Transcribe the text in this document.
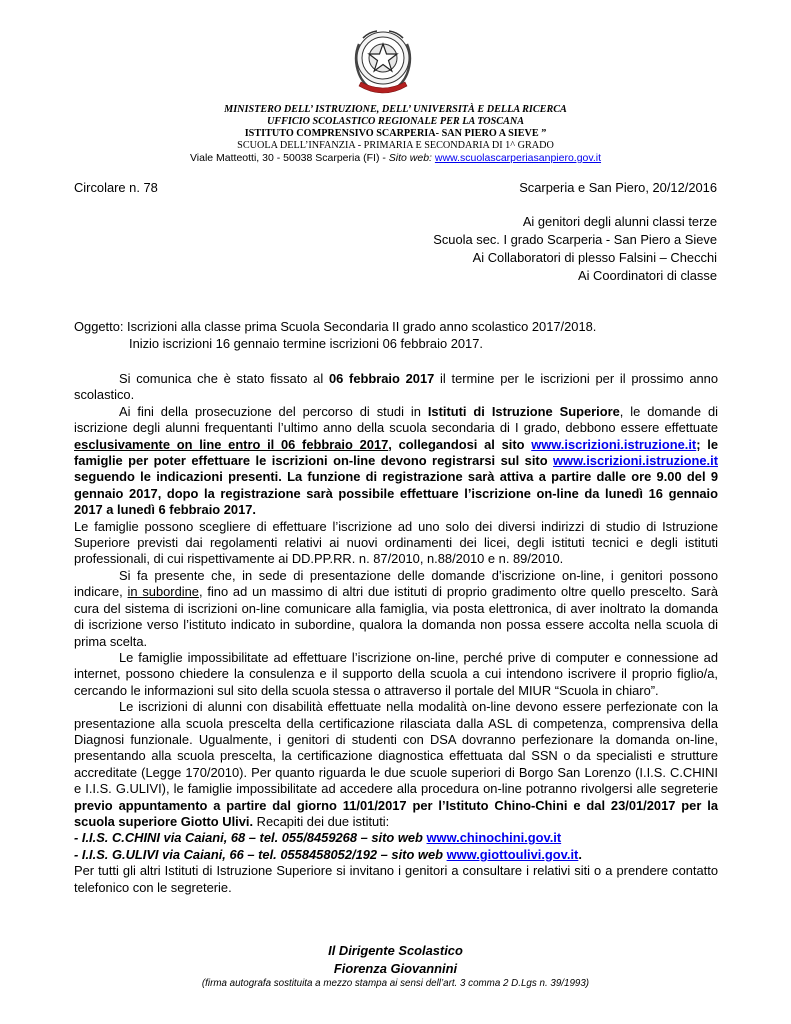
MINISTERO DELL’ ISTRUZIONE, DELL’ UNIVERSITÀ E DELLA RICERCA
UFFICIO SCOLASTICO REGIONALE PER LA TOSCANA
ISTITUTO COMPRENSIVO SCARPERIA- SAN PIERO A SIEVE ”
SCUOLA DELL’INFANZIA - PRIMARIA E SECONDARIA DI 1^ GRADO
Viale Matteotti, 30 - 50038 Scarperia (FI) - Sito web: www.scuolascarperiasanpiero.gov.it
Circolare n. 78	Scarperia e San Piero, 20/12/2016
Ai genitori degli alunni classi terze
Scuola sec. I grado Scarperia - San Piero a Sieve
Ai Collaboratori di plesso Falsini – Checchi
Ai Coordinatori di classe
Oggetto: Iscrizioni alla classe prima Scuola Secondaria II grado anno scolastico 2017/2018.
Inizio iscrizioni 16 gennaio termine iscrizioni 06 febbraio 2017.

Si comunica che è stato fissato al 06 febbraio 2017 il termine per le iscrizioni per il prossimo anno scolastico.

Ai fini della prosecuzione del percorso di studi in Istituti di Istruzione Superiore, le domande di iscrizione degli alunni frequentanti l’ultimo anno della scuola secondaria di I grado, debbono essere effettuate esclusivamente on line entro il 06 febbraio 2017, collegandosi al sito www.iscrizioni.istruzione.it; le famiglie per poter effettuare le iscrizioni on-line devono registrarsi sul sito www.iscrizioni.istruzione.it seguendo le indicazioni presenti. La funzione di registrazione sarà attiva a partire dalle ore 9.00 del 9 gennaio 2017, dopo la registrazione sarà possibile effettuare l’iscrizione on-line da lunedì 16 gennaio 2017 a lunedì 6 febbraio 2017.

Le famiglie possono scegliere di effettuare l’iscrizione ad uno solo dei diversi indirizzi di studio di Istruzione Superiore previsti dai regolamenti relativi ai nuovi ordinamenti dei licei, degli istituti tecnici e degli istituti professionali, di cui rispettivamente ai DD.PP.RR. n. 87/2010, n.88/2010 e n. 89/2010.

Si fa presente che, in sede di presentazione delle domande d’iscrizione on-line, i genitori possono indicare, in subordine, fino ad un massimo di altri due istituti di proprio gradimento oltre quello prescelto. Sarà cura del sistema di iscrizioni on-line comunicare alla famiglia, via posta elettronica, di aver inoltrato la domanda di iscrizione verso l’istituto indicato in subordine, qualora la domanda non possa essere accolta nella scuola di prima scelta.

Le famiglie impossibilitate ad effettuare l’iscrizione on-line, perché prive di computer e connessione ad internet, possono chiedere la consulenza e il supporto della scuola a cui intendono iscrivere il proprio figlio/a, cercando le informazioni sul sito della scuola stessa o attraverso il portale del MIUR “Scuola in chiaro”.

Le iscrizioni di alunni con disabilità effettuate nella modalità on-line devono essere perfezionate con la presentazione alla scuola prescelta della certificazione rilasciata dalla ASL di competenza, comprensiva della Diagnosi funzionale. Ugualmente, i genitori di studenti con DSA dovranno perfezionare la domanda on-line, presentando alla scuola prescelta, la certificazione diagnostica effettuata dal SSN o da specialisti e strutture accreditate (Legge 170/2010). Per quanto riguarda le due scuole superiori di Borgo San Lorenzo (I.I.S. C.CHINI e I.I.S. G.ULIVI), le famiglie impossibilitate ad accedere alla procedura on-line potranno rivolgersi alle segreterie previo appuntamento a partire dal giorno 11/01/2017 per l’Istituto Chino-Chini e dal 23/01/2017 per la scuola superiore Giotto Ulivi. Recapiti dei due istituti:

- I.I.S. C.CHINI via Caiani, 68 – tel. 055/8459268 – sito web www.chinochini.gov.it

- I.I.S. G.ULIVI via Caiani, 66 – tel. 0558458052/192 – sito web www.giottoulivi.gov.it.

Per tutti gli altri Istituti di Istruzione Superiore si invitano i genitori a consultare i relativi siti o a prendere contatto telefonico con le segreterie.

Il Dirigente Scolastico
Fiorenza Giovannini
(firma autografa sostituita a mezzo stampa ai sensi dell’art. 3 comma 2 D.Lgs n. 39/1993)
